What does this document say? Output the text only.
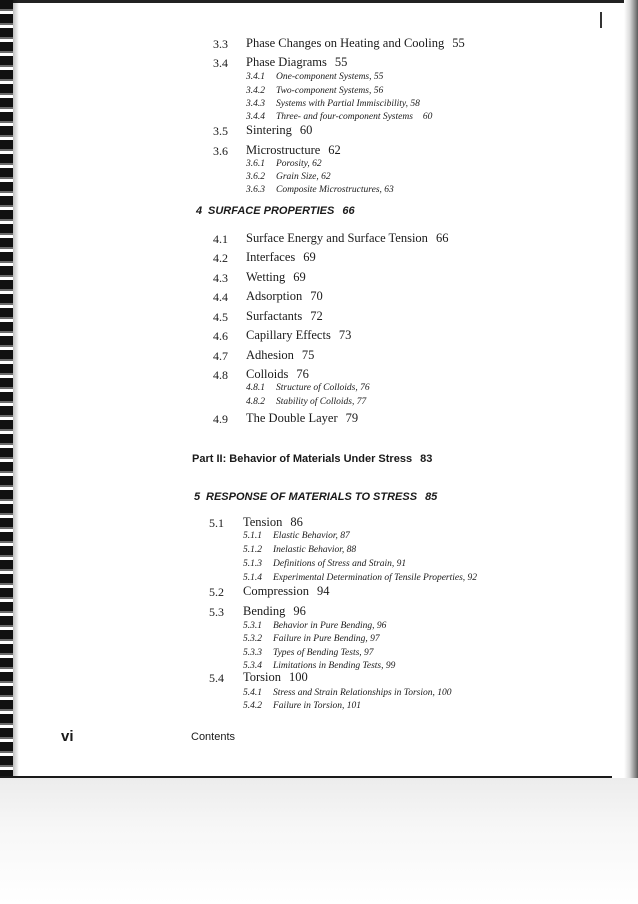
3.3 Phase Changes on Heating and Cooling 55
3.4 Phase Diagrams 55
3.4.1 One-component Systems, 55
3.4.2 Two-component Systems, 56
3.4.3 Systems with Partial Immiscibility, 58
3.4.4 Three- and four-component Systems 60
3.5 Sintering 60
3.6 Microstructure 62
3.6.1 Porosity, 62
3.6.2 Grain Size, 62
3.6.3 Composite Microstructures, 63
4 SURFACE PROPERTIES 66
4.1 Surface Energy and Surface Tension 66
4.2 Interfaces 69
4.3 Wetting 69
4.4 Adsorption 70
4.5 Surfactants 72
4.6 Capillary Effects 73
4.7 Adhesion 75
4.8 Colloids 76
4.8.1 Structure of Colloids, 76
4.8.2 Stability of Colloids, 77
4.9 The Double Layer 79
Part II: Behavior of Materials Under Stress 83
5 RESPONSE OF MATERIALS TO STRESS 85
5.1 Tension 86
5.1.1 Elastic Behavior, 87
5.1.2 Inelastic Behavior, 88
5.1.3 Definitions of Stress and Strain, 91
5.1.4 Experimental Determination of Tensile Properties, 92
5.2 Compression 94
5.3 Bending 96
5.3.1 Behavior in Pure Bending, 96
5.3.2 Failure in Pure Bending, 97
5.3.3 Types of Bending Tests, 97
5.3.4 Limitations in Bending Tests, 99
5.4 Torsion 100
5.4.1 Stress and Strain Relationships in Torsion, 100
5.4.2 Failure in Torsion, 101
vi	Contents
